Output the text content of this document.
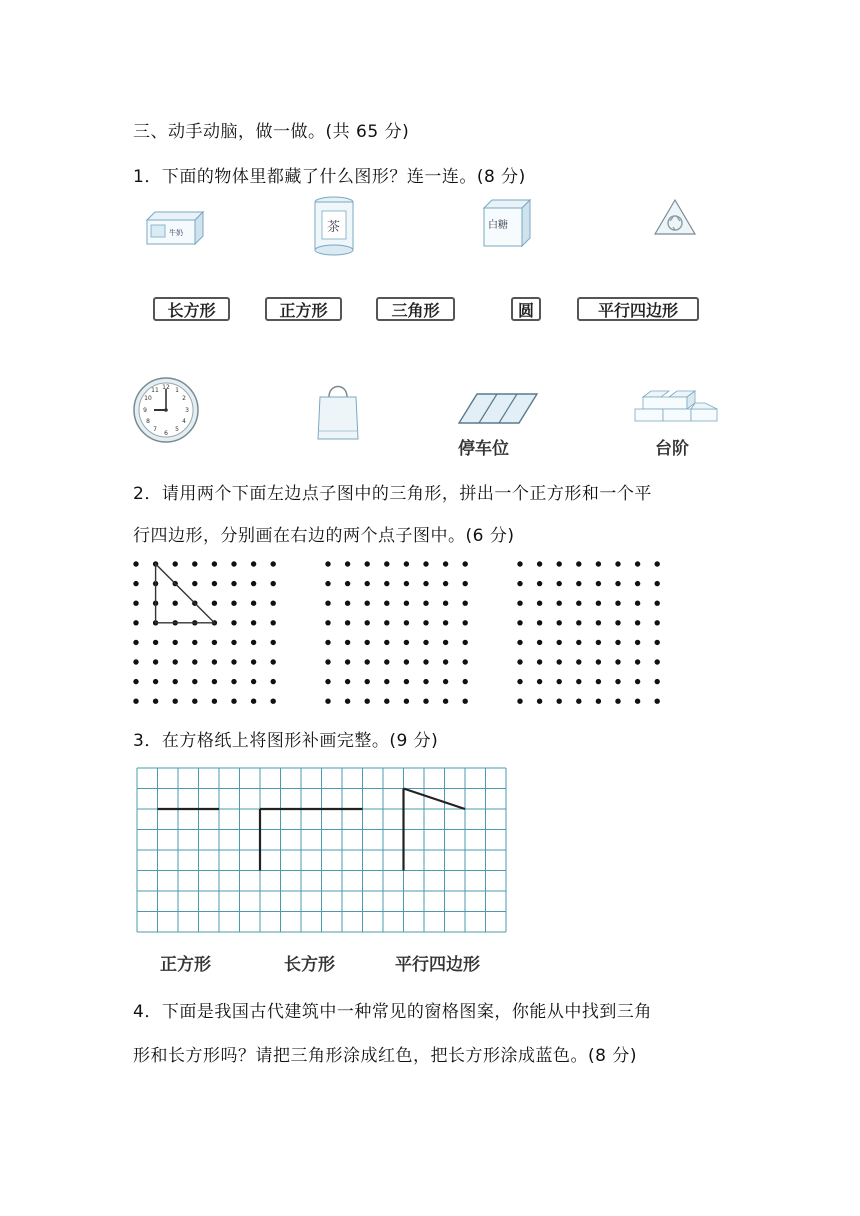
三、动手动脑，做一做。(共 65 分)
1．下面的物体里都藏了什么图形？连一连。(8 分)
牛奶	茶	白糖
长方形	正方形	三角形	圆	平行四边形
12 1
2
3
4
5
6
7
8
9
10
11
停车位	台阶
2．请用两个下面左边点子图中的三角形，拼出一个正方形和一个平
行四边形，分别画在右边的两个点子图中。(6 分)
3．在方格纸上将图形补画完整。(9 分)
正方形	长方形	平行四边形
4．下面是我国古代建筑中一种常见的窗格图案，你能从中找到三角
形和长方形吗？请把三角形涂成红色，把长方形涂成蓝色。(8 分)
